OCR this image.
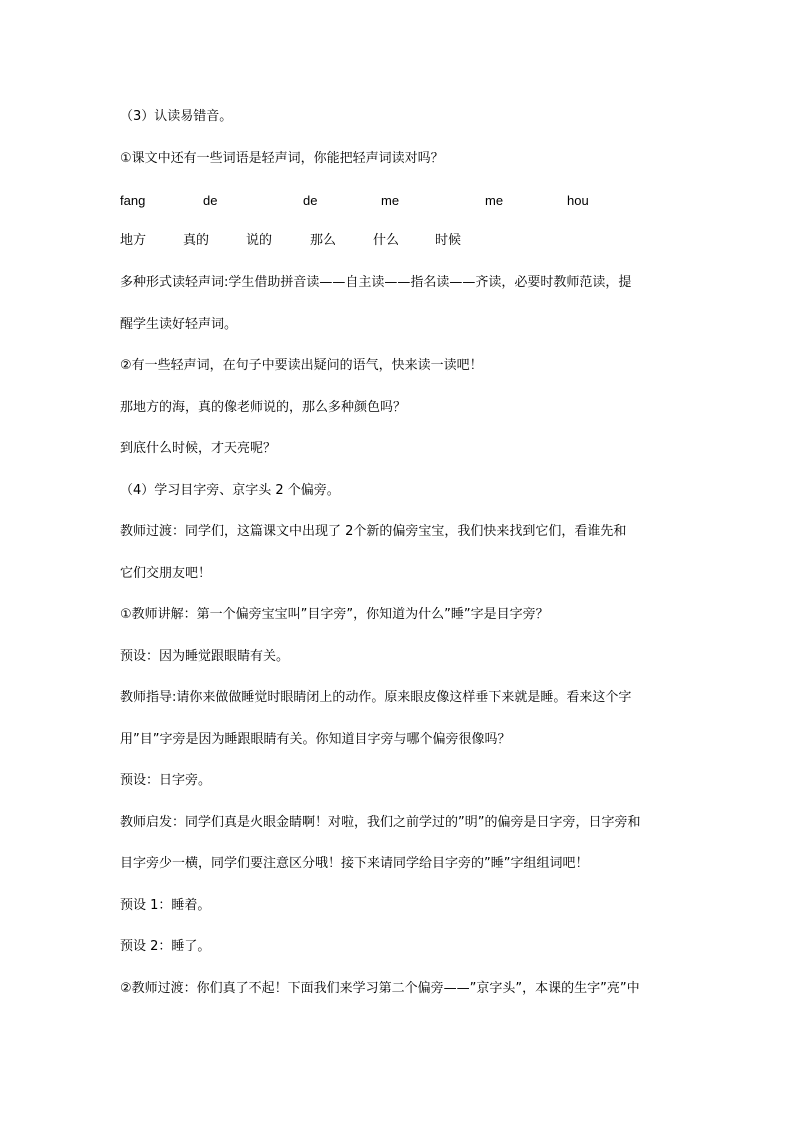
（3）认读易错音。
①课文中还有一些词语是轻声词，你能把轻声词读对吗？
fang	de	de	me	me	hou
地方	真的	说的	那么	什么	时候
多种形式读轻声词:学生借助拼音读——自主读——指名读——齐读，必要时教师范读，提
醒学生读好轻声词。
②有一些轻声词，在句子中要读出疑问的语气，快来读一读吧！
那地方的海，真的像老师说的，那么多种颜色吗？
到底什么时候，才天亮呢？
（4）学习目字旁、京字头 2 个偏旁。
教师过渡：同学们，这篇课文中出现了 2个新的偏旁宝宝，我们快来找到它们，看谁先和
它们交朋友吧！
①教师讲解：第一个偏旁宝宝叫”目字旁”，你知道为什么”睡”字是目字旁？
预设：因为睡觉跟眼睛有关。
教师指导:请你来做做睡觉时眼睛闭上的动作。原来眼皮像这样垂下来就是睡。看来这个字
用”目”字旁是因为睡跟眼睛有关。你知道目字旁与哪个偏旁很像吗？
预设：日字旁。
教师启发：同学们真是火眼金睛啊！对啦，我们之前学过的”明”的偏旁是日字旁，日字旁和
目字旁少一横，同学们要注意区分哦！接下来请同学给目字旁的”睡”字组组词吧！
预设 1：睡着。
预设 2：睡了。
②教师过渡：你们真了不起！下面我们来学习第二个偏旁——”京字头”，本课的生字”亮”中
